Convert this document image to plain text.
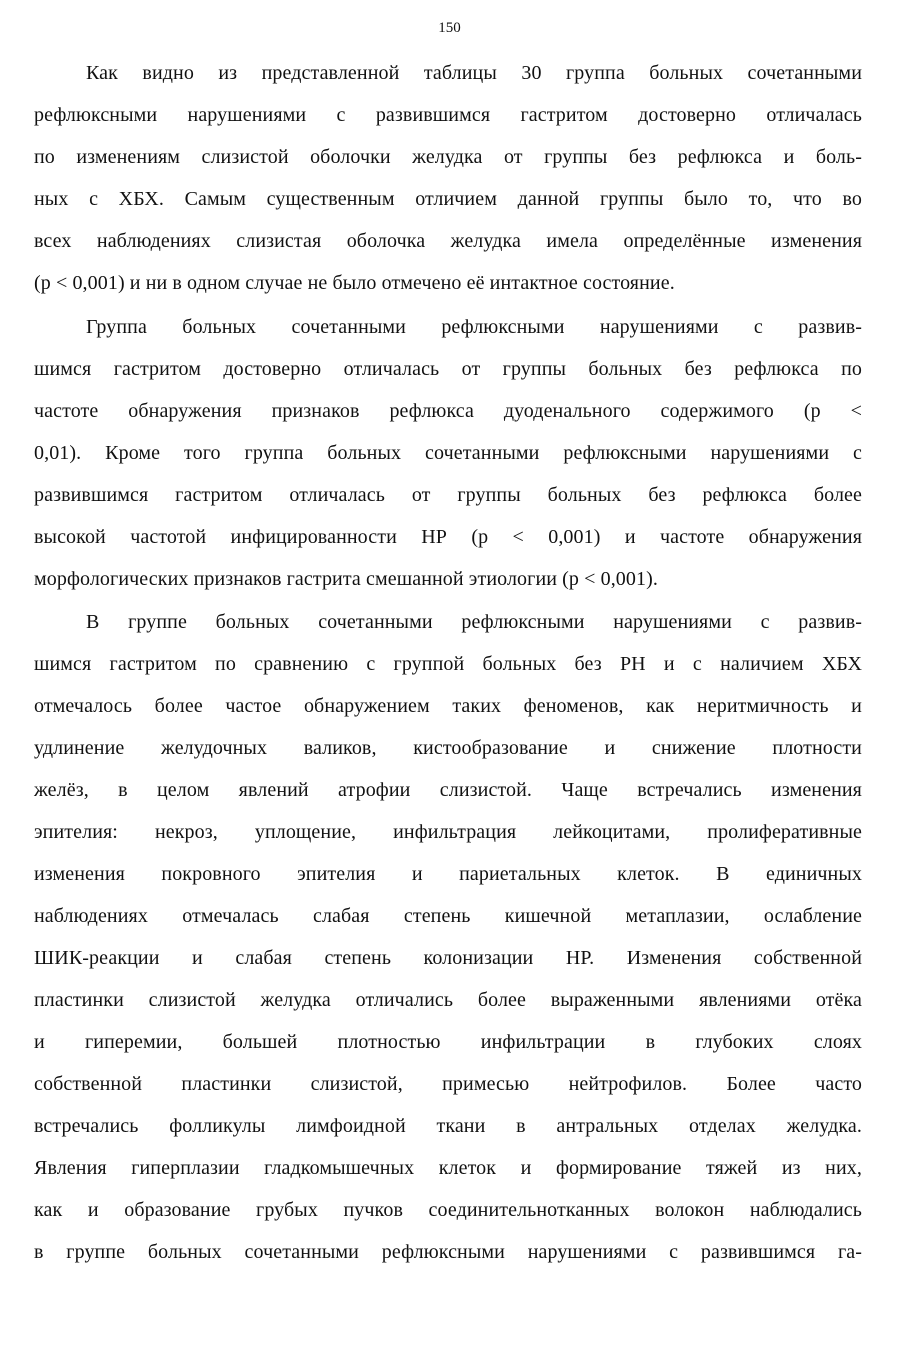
150
Как видно из представленной таблицы 30 группа больных сочетанными
рефлюксными нарушениями с развившимся гастритом достоверно отличалась
по изменениям слизистой оболочки желудка от группы без рефлюкса и боль-
ных с ХБХ. Самым существенным отличием данной группы было то, что во
всех наблюдениях слизистая оболочка желудка имела определённые изменения
(р < 0,001) и ни в одном случае не было отмечено её интактное состояние.
Группа больных сочетанными рефлюксными нарушениями с развив-
шимся гастритом достоверно отличалась от группы больных без рефлюкса по
частоте обнаружения признаков рефлюкса дуоденального содержимого (р <
0,01). Кроме того группа больных сочетанными рефлюксными нарушениями с
развившимся гастритом отличалась от группы больных без рефлюкса более
высокой частотой инфицированности НР (р < 0,001) и частоте обнаружения
морфологических признаков гастрита смешанной этиологии (р < 0,001).
В группе больных сочетанными рефлюксными нарушениями с развив-
шимся гастритом по сравнению с группой больных без РН и с наличием ХБХ
отмечалось более частое обнаружением таких феноменов, как неритмичность и
удлинение желудочных валиков, кистообразование и снижение плотности
желёз, в целом явлений атрофии слизистой. Чаще встречались изменения
эпителия: некроз, уплощение, инфильтрация лейкоцитами, пролиферативные
изменения покровного эпителия и париетальных клеток. В единичных
наблюдениях отмечалась слабая степень кишечной метаплазии, ослабление
ШИК-реакции и слабая степень колонизации НР. Изменения собственной
пластинки слизистой желудка отличались более выраженными явлениями отёка
и гиперемии, большей плотностью инфильтрации в глубоких слоях
собственной пластинки слизистой, примесью нейтрофилов. Более часто
встречались фолликулы лимфоидной ткани в антральных отделах желудка.
Явления гиперплазии гладкомышечных клеток и формирование тяжей из них,
как и образование грубых пучков соединительнотканных волокон наблюдались
в группе больных сочетанными рефлюксными нарушениями с развившимся га-
